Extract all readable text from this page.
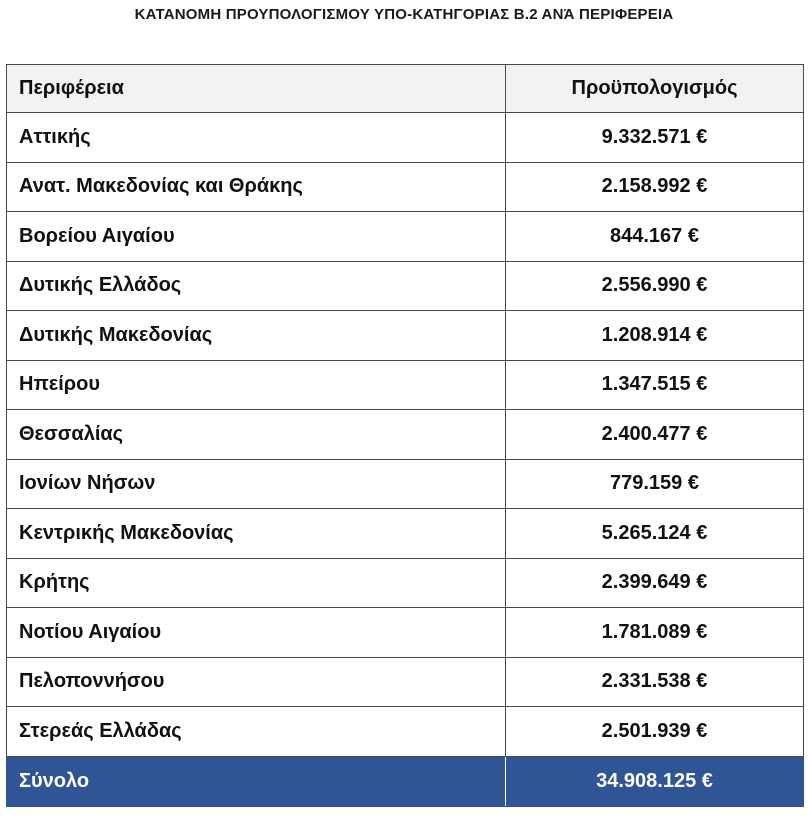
ΚΑΤΑΝΟΜΗ ΠΡΟΥΠΟΛΟΓΙΣΜΟΥ ΥΠΟ-ΚΑΤΗΓΟΡΙΑΣ Β.2 ΑΝΆ ΠΕΡΙΦΕΡΕΙΑ
Περιφέρεια	Προϋπολογισμός
Αττικής	9.332.571 €
Ανατ. Μακεδονίας και Θράκης	2.158.992 €
Βορείου Αιγαίου	844.167 €
Δυτικής Ελλάδος	2.556.990 €
Δυτικής Μακεδονίας	1.208.914 €
Ηπείρου	1.347.515 €
Θεσσαλίας	2.400.477 €
Ιονίων Νήσων	779.159 €
Κεντρικής Μακεδονίας	5.265.124 €
Κρήτης	2.399.649 €
Νοτίου Αιγαίου	1.781.089 €
Πελοποννήσου	2.331.538 €
Στερεάς Ελλάδας	2.501.939 €
Σύνολο	34.908.125 €
